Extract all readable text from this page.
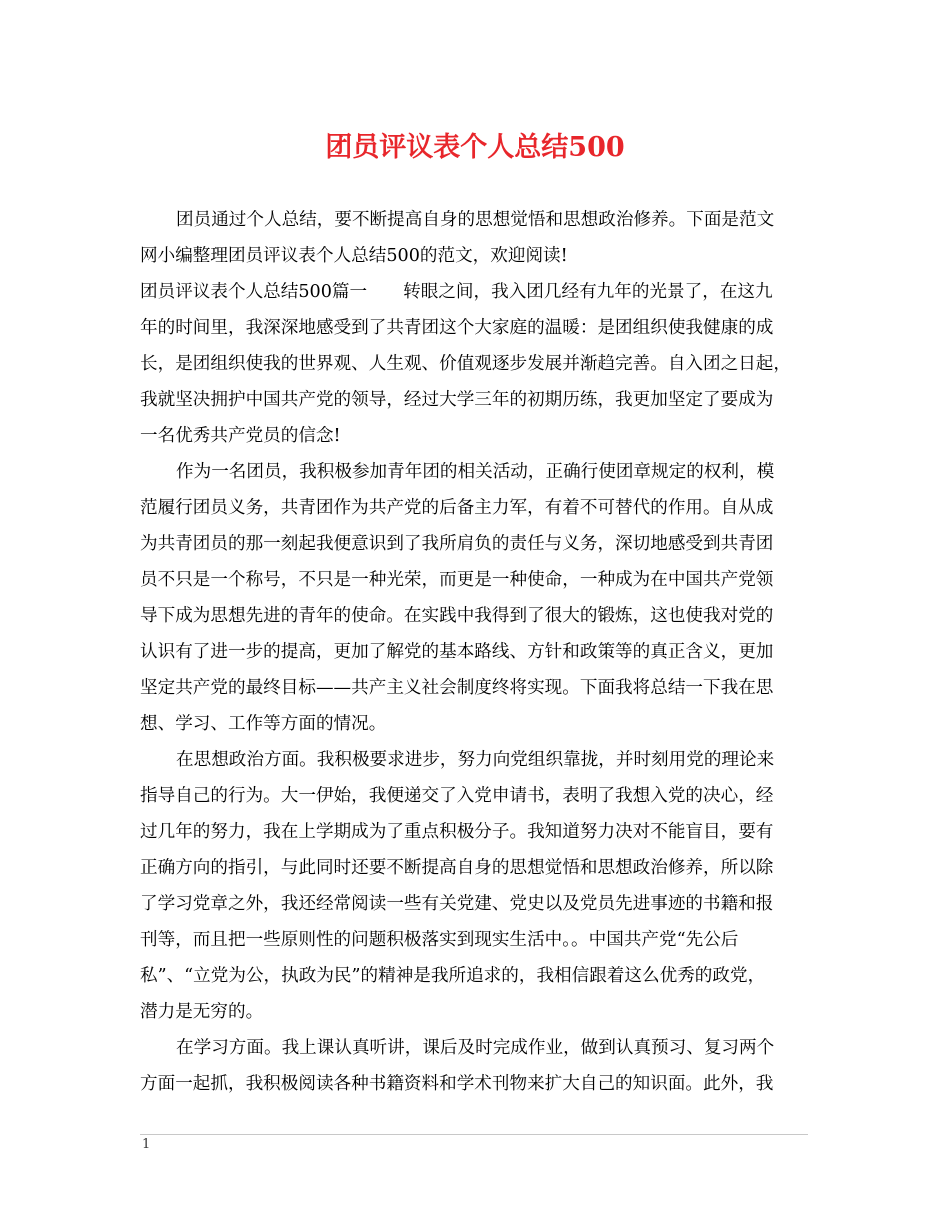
团员评议表个人总结500
团员通过个人总结，要不断提高自身的思想觉悟和思想政治修养。下面是范文
网小编整理团员评议表个人总结500的范文，欢迎阅读!
团员评议表个人总结500篇一 转眼之间，我入团几经有九年的光景了，在这九
年的时间里，我深深地感受到了共青团这个大家庭的温暖：是团组织使我健康的成
长，是团组织使我的世界观、人生观、价值观逐步发展并渐趋完善。自入团之日起，
我就坚决拥护中国共产党的领导，经过大学三年的初期历练，我更加坚定了要成为
一名优秀共产党员的信念!
作为一名团员，我积极参加青年团的相关活动，正确行使团章规定的权利，模
范履行团员义务，共青团作为共产党的后备主力军，有着不可替代的作用。自从成
为共青团员的那一刻起我便意识到了我所肩负的责任与义务，深切地感受到共青团
员不只是一个称号，不只是一种光荣，而更是一种使命，一种成为在中国共产党领
导下成为思想先进的青年的使命。在实践中我得到了很大的锻炼，这也使我对党的
认识有了进一步的提高，更加了解党的基本路线、方针和政策等的真正含义，更加
坚定共产党的最终目标——共产主义社会制度终将实现。下面我将总结一下我在思
想、学习、工作等方面的情况。
在思想政治方面。我积极要求进步，努力向党组织靠拢，并时刻用党的理论来
指导自己的行为。大一伊始，我便递交了入党申请书，表明了我想入党的决心，经
过几年的努力，我在上学期成为了重点积极分子。我知道努力决对不能盲目，要有
正确方向的指引，与此同时还要不断提高自身的思想觉悟和思想政治修养，所以除
了学习党章之外，我还经常阅读一些有关党建、党史以及党员先进事迹的书籍和报
刊等，而且把一些原则性的问题积极落实到现实生活中。。中国共产党“先公后
私”、“立党为公，执政为民”的精神是我所追求的，我相信跟着这么优秀的政党，
潜力是无穷的。
在学习方面。我上课认真听讲，课后及时完成作业，做到认真预习、复习两个
方面一起抓，我积极阅读各种书籍资料和学术刊物来扩大自己的知识面。此外，我
1
